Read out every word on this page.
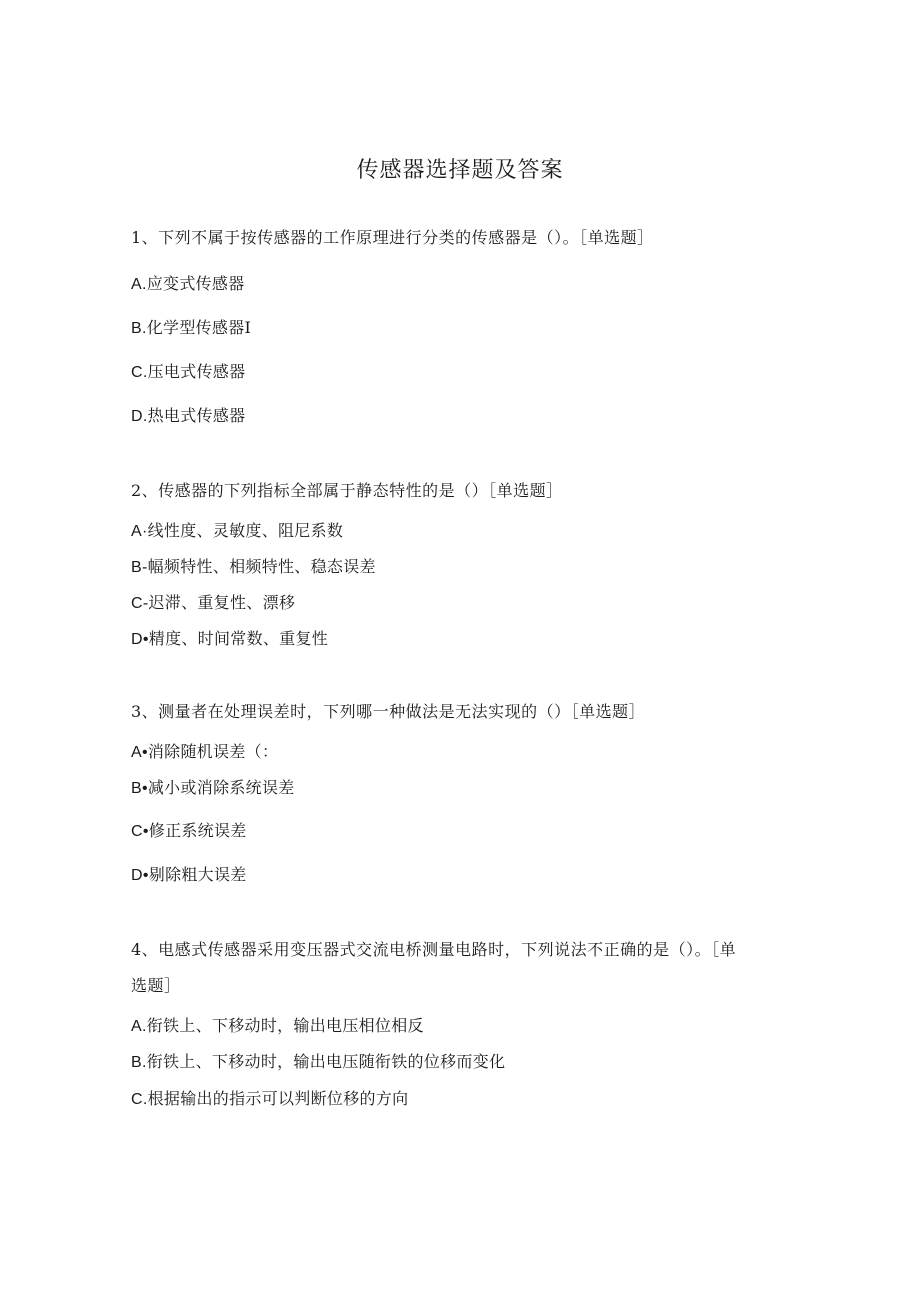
传感器选择题及答案
1、下列不属于按传感器的工作原理进行分类的传感器是（）。［单选题］
A.应变式传感器
B.化学型传感器I
C.压电式传感器
D.热电式传感器
2、传感器的下列指标全部属于静态特性的是（）［单选题］
A·线性度、灵敏度、阻尼系数
B-幅频特性、相频特性、稳态误差
C-迟滞、重复性、漂移
D•精度、时间常数、重复性
3、测量者在处理误差时，下列哪一种做法是无法实现的（）［单选题］
A•消除随机误差（：
B•减小或消除系统误差
C•修正系统误差
D•剔除粗大误差
4、电感式传感器采用变压器式交流电桥测量电路时，下列说法不正确的是（）。［单
选题］
A.衔铁上、下移动时，输出电压相位相反
B.衔铁上、下移动时，输出电压随衔铁的位移而变化
C.根据输出的指示可以判断位移的方向
